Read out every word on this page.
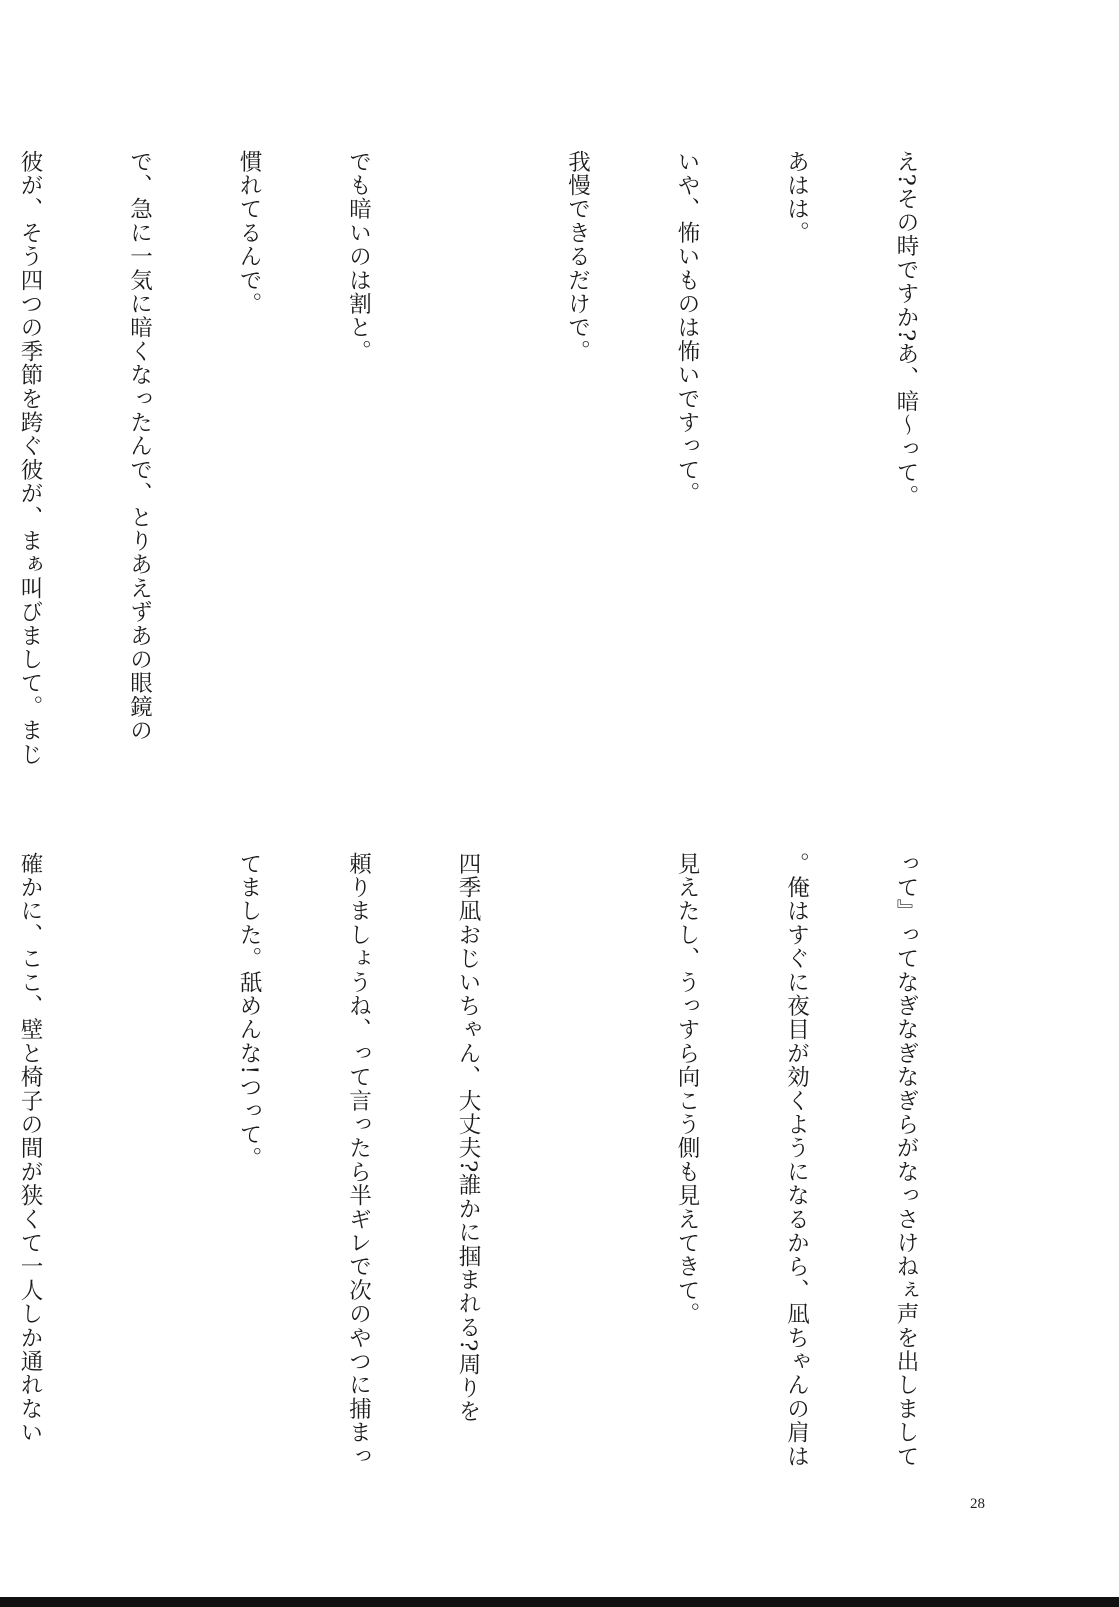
え?その時ですか?あ、暗〜って。

あはは。

いや、怖いものは怖いですって。

我慢できるだけで。

でも暗いのは割と。

慣れてるんで。

で、急に一気に暗くなったんで、とりあえずあの眼鏡の

彼が、そう四つの季節を跨ぐ彼が、まぁ叫びまして。まじ

って』ってなぎなぎなぎらがなっさけねぇ声を出しまして

。俺はすぐに夜目が効くようになるから、凪ちゃんの肩は

見えたし、うっすら向こう側も見えてきて。

四季凪おじいちゃん、大丈夫?誰かに掴まれる?周りを

頼りましょうね、って言ったら半ギレで次のやつに捕まっ

てました。舐めんな!つって。

確かに、ここ、壁と椅子の間が狭くて一人しか通れない

28
